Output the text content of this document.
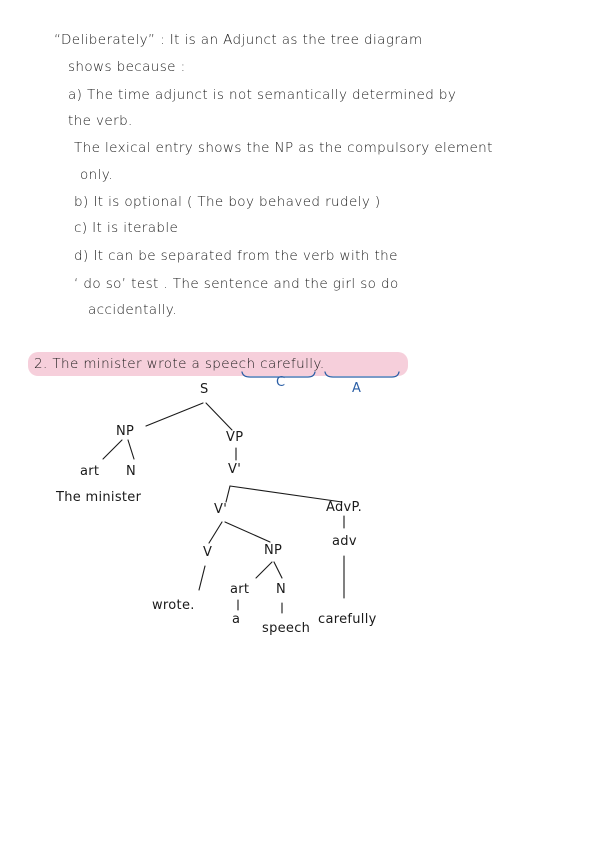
“Deliberately” : It is an Adjunct as the tree diagram
shows because :
a) The time adjunct is not semantically determined by
the verb.
The lexical entry shows the NP as the compulsory element
only.
b) It is optional ( The boy behaved rudely )
c) It is iterable
d) It can be separated from the verb with the
‘ do so’ test . The sentence and the girl so do
accidentally.
2. The minister wrote a speech carefully.
C	A
S
NP	VP
art N
The minister
V'
V'	AdvP.
V	NP
adv
art N
wrote.
a
speech
carefully
